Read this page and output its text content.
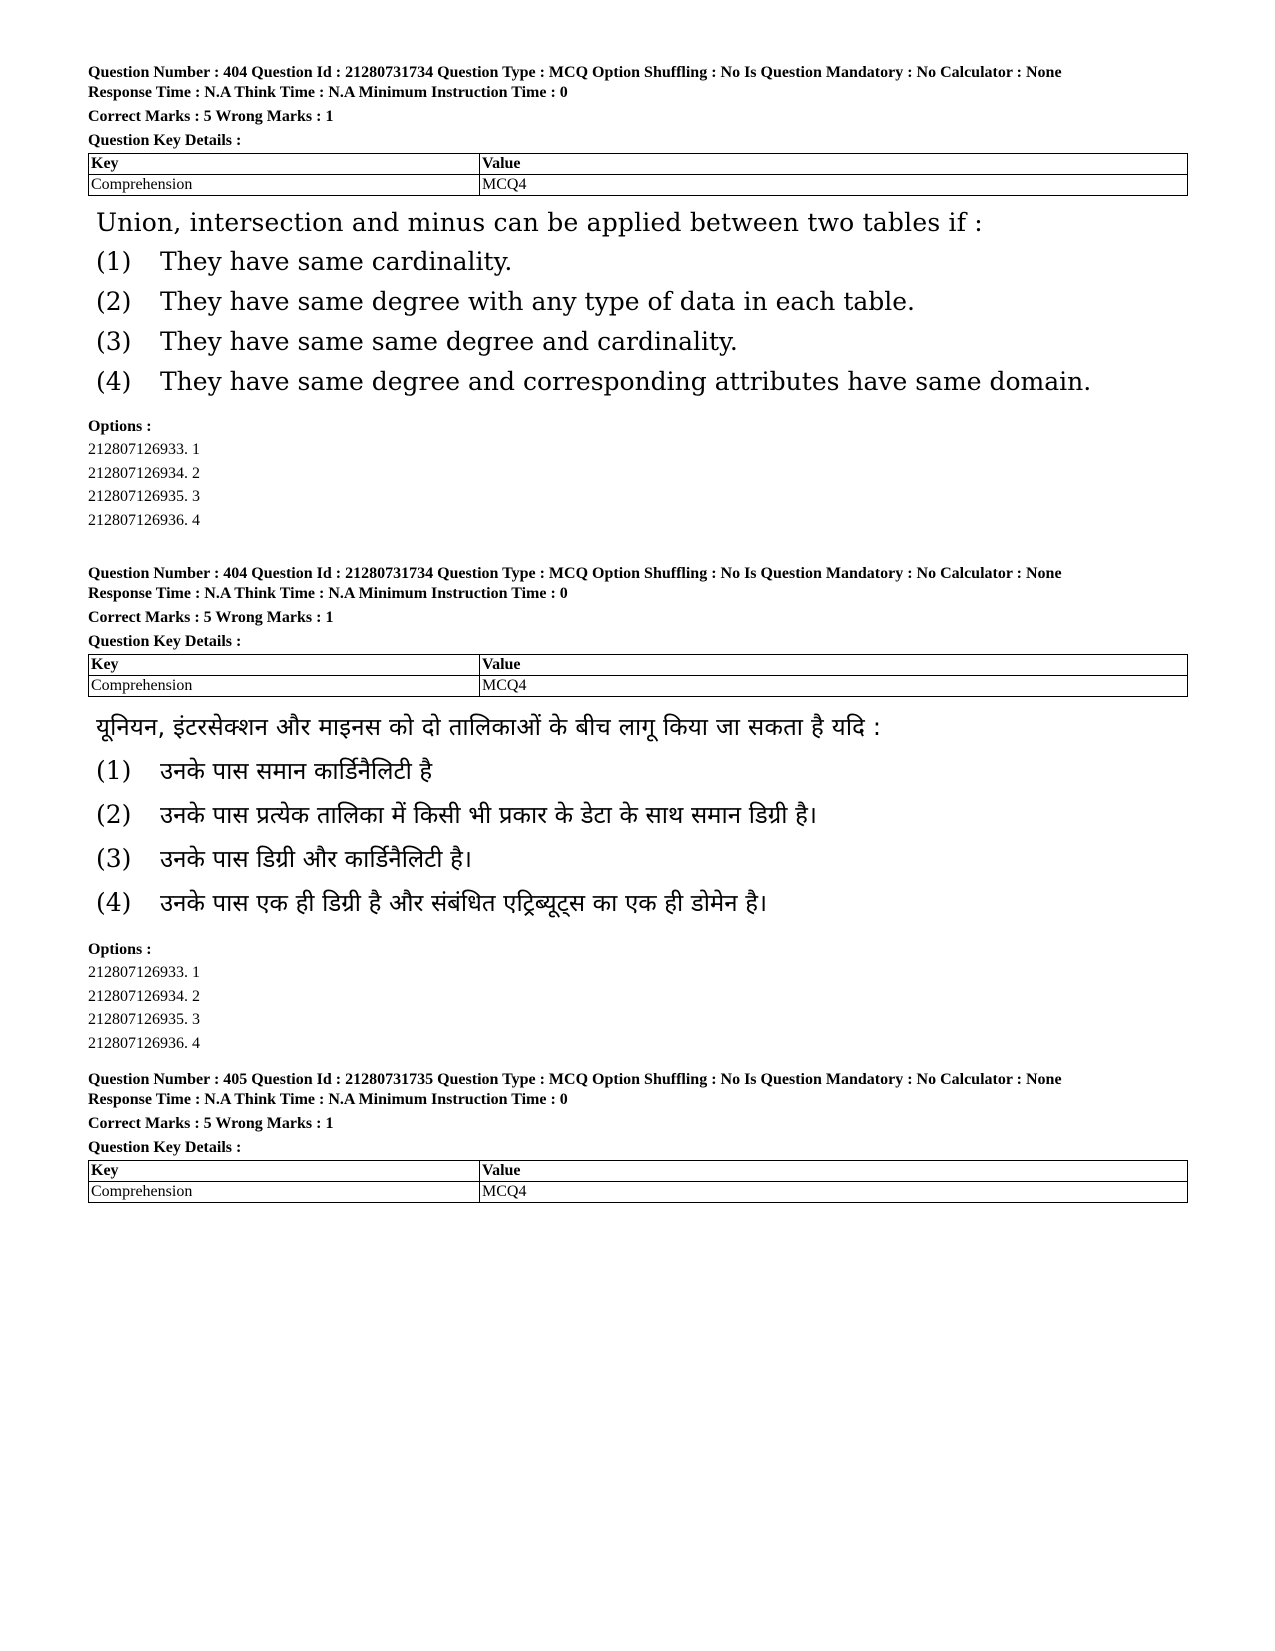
Question Number : 404 Question Id : 21280731734 Question Type : MCQ Option Shuffling : No Is Question Mandatory : No Calculator : None

Response Time : N.A Think Time : N.A Minimum Instruction Time : 0

Correct Marks : 5 Wrong Marks : 1

Question Key Details :

Key	Value
Comprehension	MCQ4
Union, intersection and minus can be applied between two tables if :
(1)	They have same cardinality.
(2)	They have same degree with any type of data in each table.
(3)	They have same same degree and cardinality.
(4)	They have same degree and corresponding attributes have same domain.
Options :
212807126933. 1
212807126934. 2
212807126935. 3
212807126936. 4

Question Number : 404 Question Id : 21280731734 Question Type : MCQ Option Shuffling : No Is Question Mandatory : No Calculator : None

Response Time : N.A Think Time : N.A Minimum Instruction Time : 0

Correct Marks : 5 Wrong Marks : 1

Question Key Details :

Key	Value
Comprehension	MCQ4
यूनियन, इंटरसेक्शन और माइनस को दो तालिकाओं के बीच लागू किया जा सकता है यदि :
(1)	उनके पास समान कार्डिनैलिटी है
(2)	उनके पास प्रत्येक तालिका में किसी भी प्रकार के डेटा के साथ समान डिग्री है।
(3)	उनके पास डिग्री और कार्डिनैलिटी है।
(4)	उनके पास एक ही डिग्री है और संबंधित एट्रिब्यूट्स का एक ही डोमेन है।
Options :
212807126933. 1
212807126934. 2
212807126935. 3
212807126936. 4

Question Number : 405 Question Id : 21280731735 Question Type : MCQ Option Shuffling : No Is Question Mandatory : No Calculator : None

Response Time : N.A Think Time : N.A Minimum Instruction Time : 0

Correct Marks : 5 Wrong Marks : 1

Question Key Details :

Key	Value
Comprehension	MCQ4
